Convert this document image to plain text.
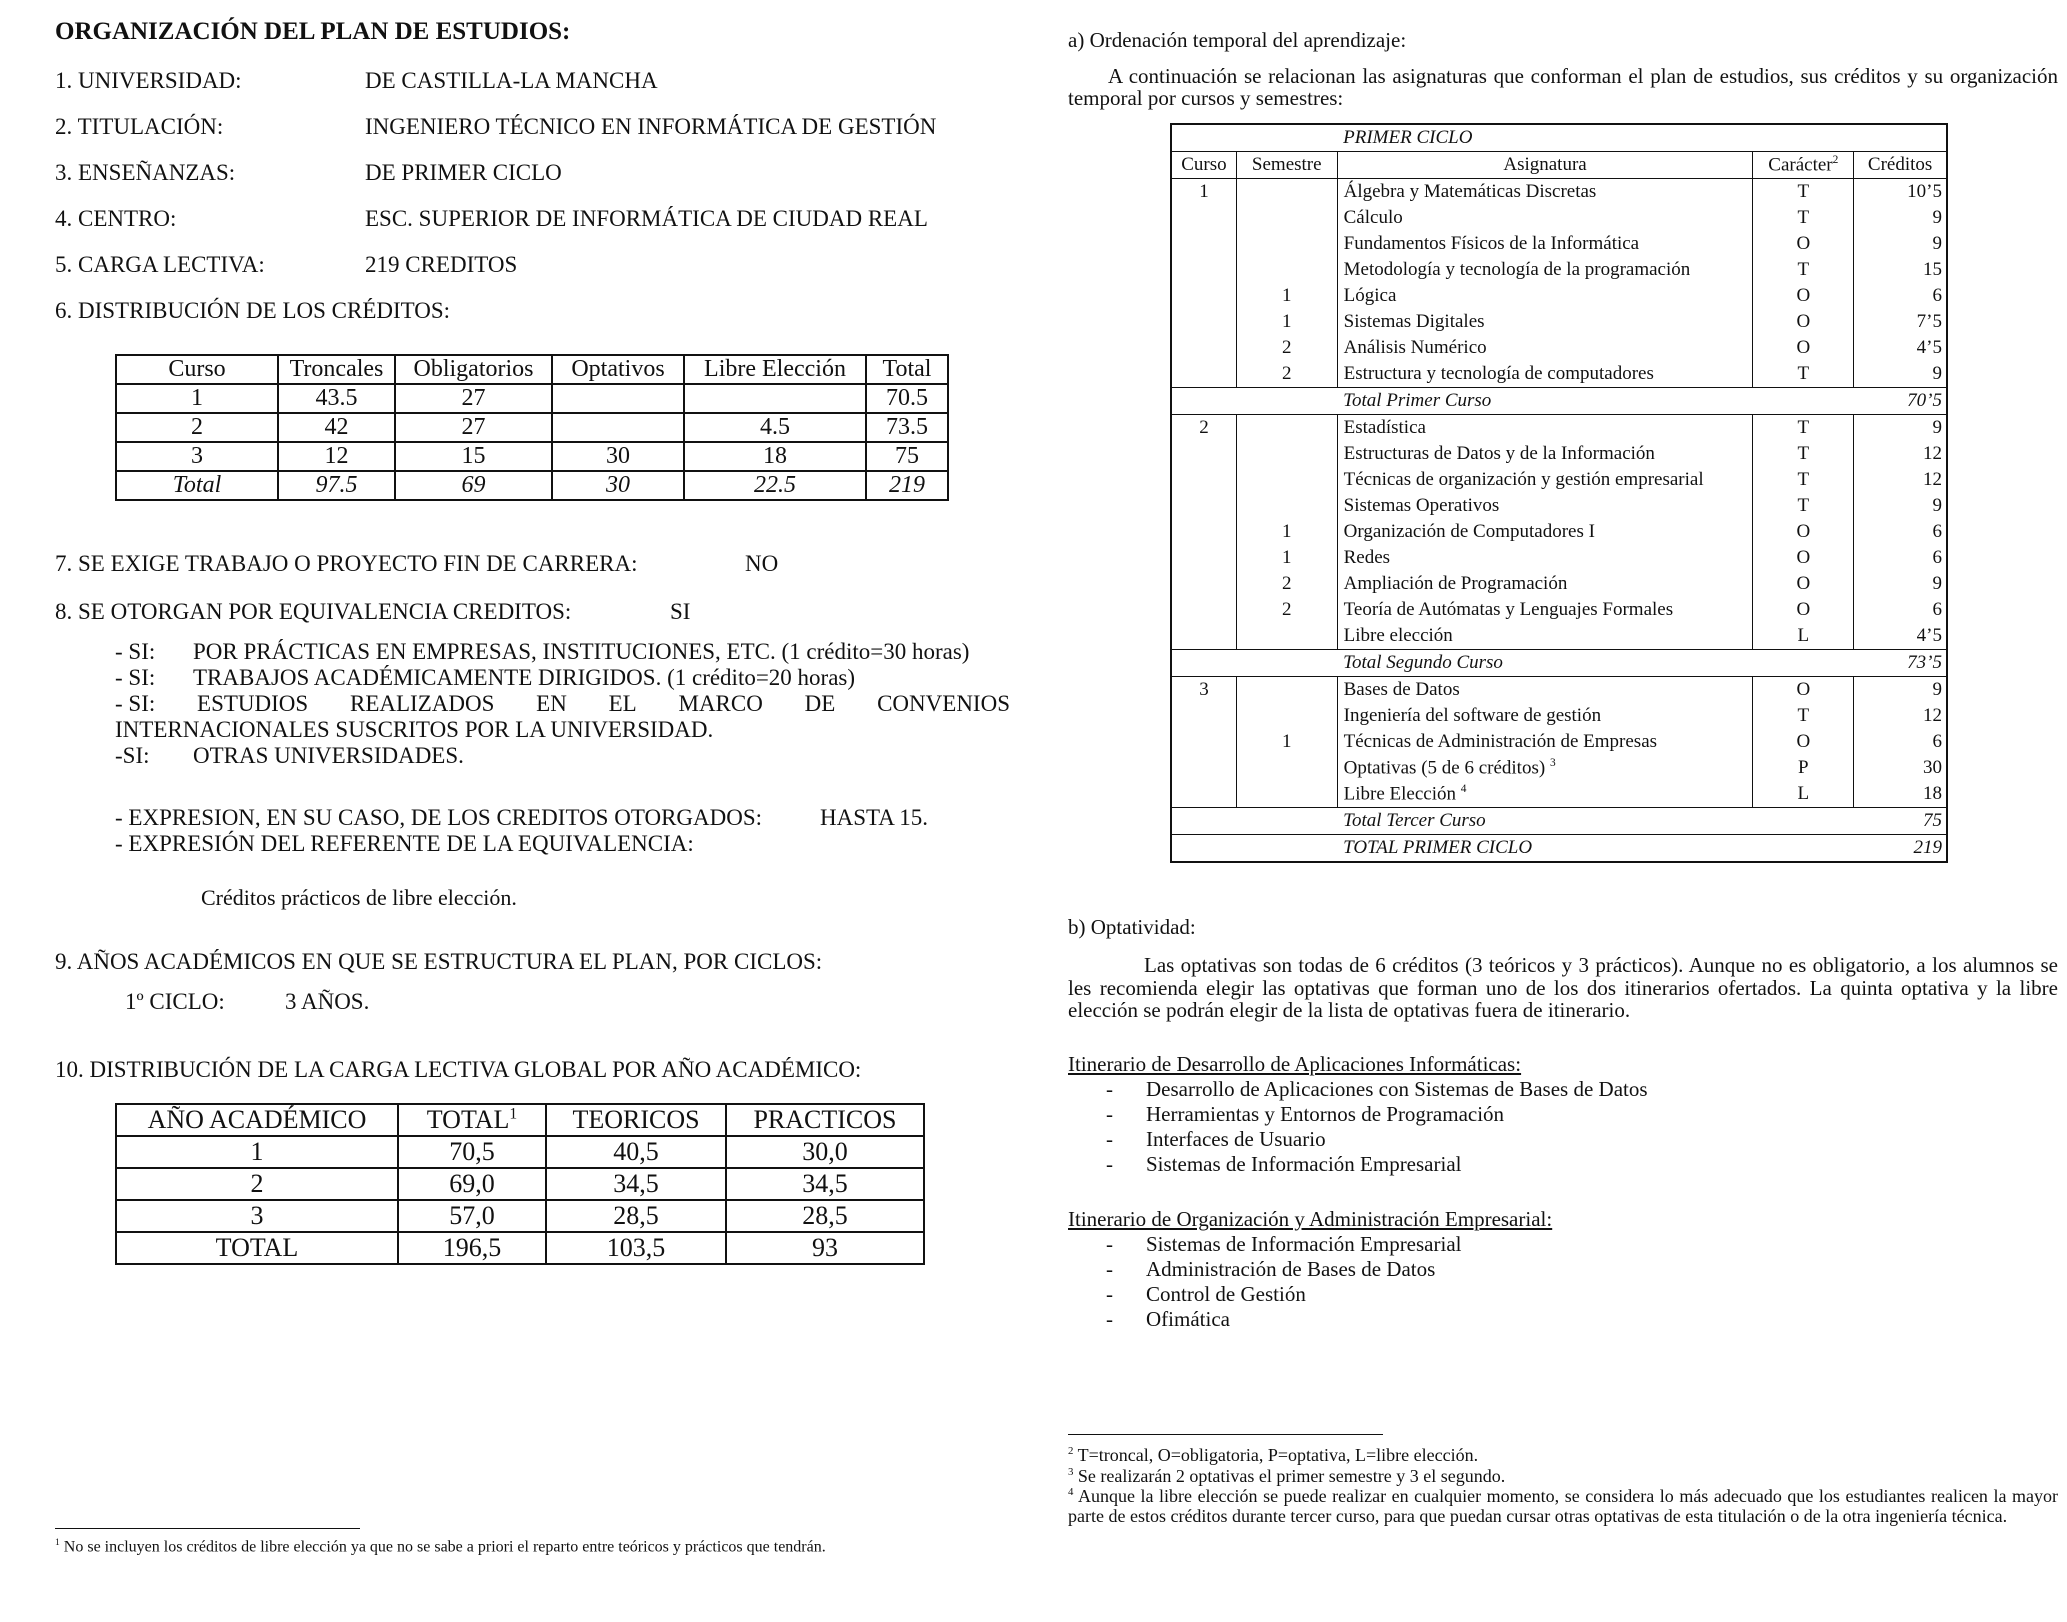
ORGANIZACIÓN DEL PLAN DE ESTUDIOS:
1. UNIVERSIDAD:	DE CASTILLA-LA MANCHA
2. TITULACIÓN:	INGENIERO TÉCNICO EN INFORMÁTICA DE GESTIÓN
3. ENSEÑANZAS:	DE PRIMER CICLO
4. CENTRO:	ESC. SUPERIOR DE INFORMÁTICA DE CIUDAD REAL
5. CARGA LECTIVA:	219 CREDITOS
6. DISTRIBUCIÓN DE LOS CRÉDITOS:
Curso	Troncales	Obligatorios	Optativos	Libre Elección	Total
1	43.5	27			70.5
2	42	27		4.5	73.5
3	12	15	30	18	75
Total	97.5	69	30	22.5	219
7. SE EXIGE TRABAJO O PROYECTO FIN DE CARRERA:	NO
8. SE OTORGAN POR EQUIVALENCIA CREDITOS:	SI
- SI:	POR PRÁCTICAS EN EMPRESAS, INSTITUCIONES, ETC. (1 crédito=30 horas)
- SI:	TRABAJOS ACADÉMICAMENTE DIRIGIDOS. (1 crédito=20 horas)
- SI: ESTUDIOS REALIZADOS EN EL MARCO DE CONVENIOS
INTERNACIONALES SUSCRITOS POR LA UNIVERSIDAD.
-SI:	OTRAS UNIVERSIDADES.
- EXPRESION, EN SU CASO, DE LOS CREDITOS OTORGADOS:	HASTA 15.
- EXPRESIÓN DEL REFERENTE DE LA EQUIVALENCIA:
Créditos prácticos de libre elección.
9. AÑOS ACADÉMICOS EN QUE SE ESTRUCTURA EL PLAN, POR CICLOS:
1º CICLO:	3 AÑOS.
10. DISTRIBUCIÓN DE LA CARGA LECTIVA GLOBAL POR AÑO ACADÉMICO:
AÑO ACADÉMICO	TOTAL$^1$	TEORICOS	PRACTICOS
1	70,5	40,5	30,0
2	69,0	34,5	34,5
3	57,0	28,5	28,5
TOTAL	196,5	103,5	93
$^1$ No se incluyen los créditos de libre elección ya que no se sabe a priori el reparto entre teóricos y prácticos que tendrán.
a) Ordenación temporal del aprendizaje:
A continuación se relacionan las asignaturas que conforman el plan de estudios, sus créditos y su organización temporal por cursos y semestres:
		PRIMER CICLO		
Curso	Semestre	Asignatura	Carácter$^2$	Créditos
1		Álgebra y Matemáticas Discretas	T	10’5
		Cálculo	T	9
		Fundamentos Físicos de la Informática	O	9
		Metodología y tecnología de la programación	T	15
	1	Lógica	O	6
	1	Sistemas Digitales	O	7’5
	2	Análisis Numérico	O	4’5
	2	Estructura y tecnología de computadores	T	9
		Total Primer Curso		70’5
2		Estadística	T	9
		Estructuras de Datos y de la Información	T	12
		Técnicas de organización y gestión empresarial	T	12
		Sistemas Operativos	T	9
	1	Organización de Computadores I	O	6
	1	Redes	O	6
	2	Ampliación de Programación	O	9
	2	Teoría de Autómatas y Lenguajes Formales	O	6
		Libre elección	L	4’5
		Total Segundo Curso		73’5
3		Bases de Datos	O	9
		Ingeniería del software de gestión	T	12
	1	Técnicas de Administración de Empresas	O	6
		Optativas (5 de 6 créditos) $^3$	P	30
		Libre Elección $^4$	L	18
		Total Tercer Curso		75
		TOTAL PRIMER CICLO		219
b) Optatividad:
Las optativas son todas de 6 créditos (3 teóricos y 3 prácticos). Aunque no es obligatorio, a los alumnos se les recomienda elegir las optativas que forman uno de los dos itinerarios ofertados. La quinta optativa y la libre elección se podrán elegir de la lista de optativas fuera de itinerario.
Itinerario de Desarrollo de Aplicaciones Informáticas:
-	Desarrollo de Aplicaciones con Sistemas de Bases de Datos
-	Herramientas y Entornos de Programación
-	Interfaces de Usuario
-	Sistemas de Información Empresarial
Itinerario de Organización y Administración Empresarial:
-	Sistemas de Información Empresarial
-	Administración de Bases de Datos
-	Control de Gestión
-	Ofimática
$^2$ T=troncal, O=obligatoria, P=optativa, L=libre elección.
$^3$ Se realizarán 2 optativas el primer semestre y 3 el segundo.
$^4$ Aunque la libre elección se puede realizar en cualquier momento, se considera lo más adecuado que los estudiantes realicen la mayor parte de estos créditos durante tercer curso, para que puedan cursar otras optativas de esta titulación o de la otra ingeniería técnica.
